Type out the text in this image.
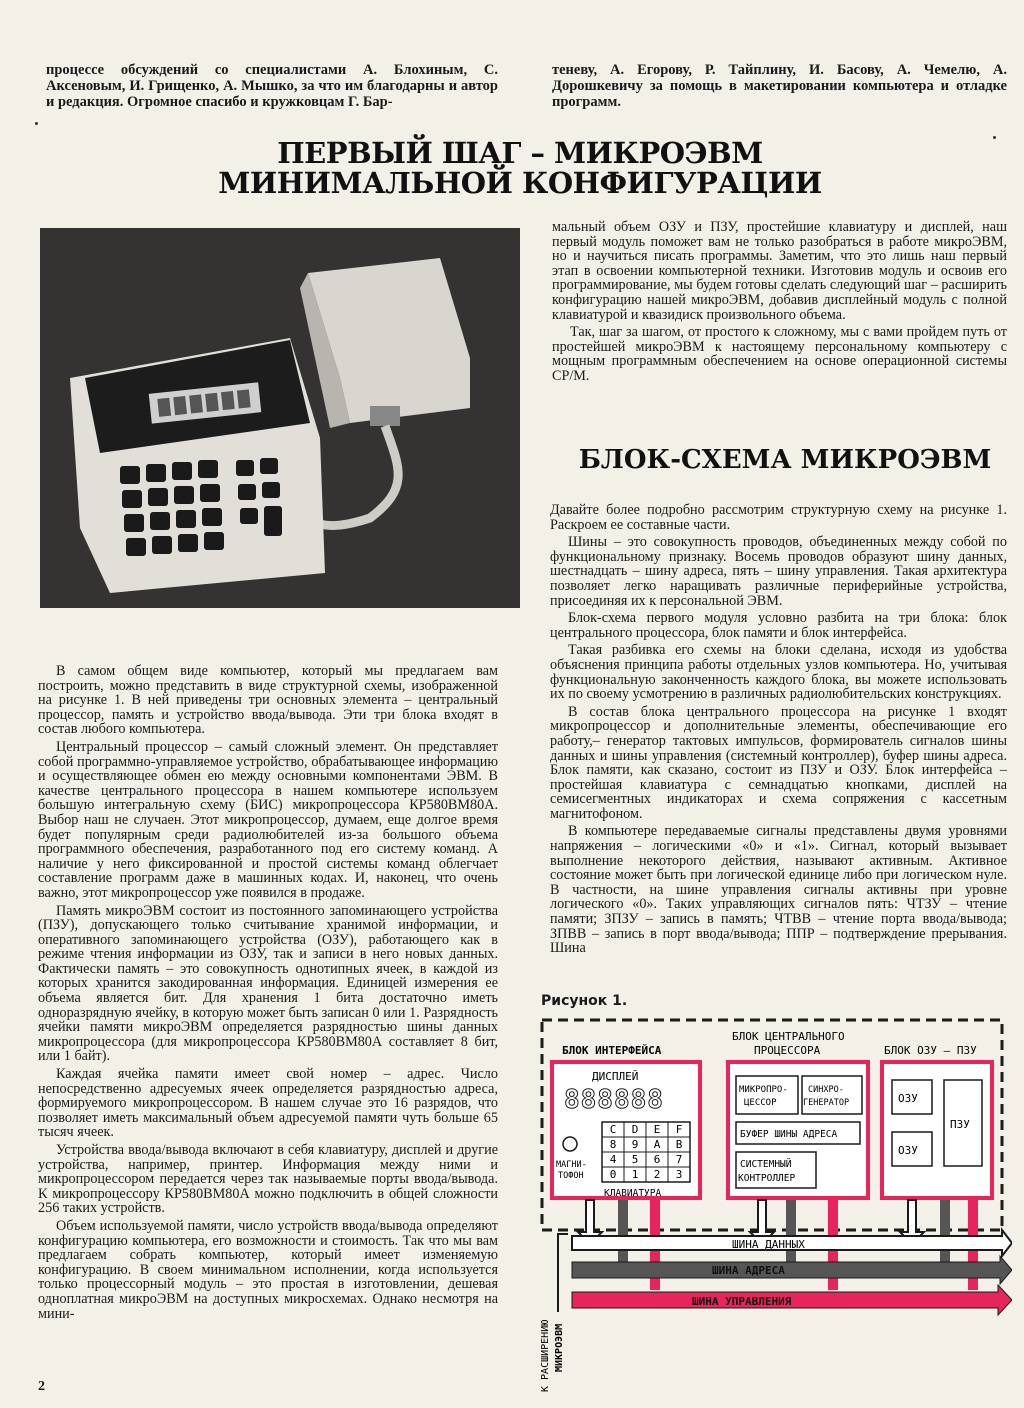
процессе обсуждений со специалистами А. Блохиным, С. Аксеновым, И. Грищенко, А. Мышко, за что им благодарны и автор и редакция. Огромное спасибо и кружковцам Г. Бар-
теневу, А. Егорову, Р. Тайплину, И. Басову, А. Чемелю, А. Дорошкевичу за помощь в макетировании компьютера и отладке программ.
ПЕРВЫЙ ШАГ – МИКРОЭВМ
МИНИМАЛЬНОЙ КОНФИГУРАЦИИ

В самом общем виде компьютер, который мы предлагаем вам построить, можно представить в виде структурной схемы, изображенной на рисунке 1. В ней приведены три основных элемента – центральный процессор, память и устройство ввода/вывода. Эти три блока входят в состав любого компьютера.

Центральный процессор – самый сложный элемент. Он представляет собой программно-управляемое устройство, обрабатывающее информацию и осуществляющее обмен ею между основными компонентами ЭВМ. В качестве центрального процессора в нашем компьютере используем большую интегральную схему (БИС) микропроцессора КР580ВМ80А. Выбор наш не случаен. Этот микропроцессор, думаем, еще долгое время будет популярным среди радиолюбителей из-за большого объема программного обеспечения, разработанного под его систему команд. А наличие у него фиксированной и простой системы команд облегчает составление программ даже в машинных кодах. И, наконец, что очень важно, этот микропроцессор уже появился в продаже.

Память микроЭВМ состоит из постоянного запоминающего устройства (ПЗУ), допускающего только считывание хранимой информации, и оперативного запоминающего устройства (ОЗУ), работающего как в режиме чтения информации из ОЗУ, так и записи в него новых данных. Фактически память – это совокупность однотипных ячеек, в каждой из которых хранится закодированная информация. Единицей измерения ее объема является бит. Для хранения 1 бита достаточно иметь одноразрядную ячейку, в которую может быть записан 0 или 1. Разрядность ячейки памяти микроЭВМ определяется разрядностью шины данных микропроцессора (для микропроцессора КР580ВМ80А составляет 8 бит, или 1 байт).

Каждая ячейка памяти имеет свой номер – адрес. Число непосредственно адресуемых ячеек определяется разрядностью адреса, формируемого микропроцессором. В нашем случае это 16 разрядов, что позволяет иметь максимальный объем адресуемой памяти чуть больше 65 тысяч ячеек.

Устройства ввода/вывода включают в себя клавиатуру, дисплей и другие устройства, например, принтер. Информация между ними и микропроцессором передается через так называемые порты ввода/вывода. К микропроцессору КР580ВМ80А можно подключить в общей сложности 256 таких устройств.

Объем используемой памяти, число устройств ввода/вывода определяют конфигурацию компьютера, его возможности и стоимость. Так что мы вам предлагаем собрать компьютер, который имеет изменяемую конфигурацию. В своем минимальном исполнении, когда используется только процессорный модуль – это простая в изготовлении, дешевая одноплатная микроЭВМ на доступных микросхемах. Однако несмотря на мини-

мальный объем ОЗУ и ПЗУ, простейшие клавиатуру и дисплей, наш первый модуль поможет вам не только разобраться в работе микроЭВМ, но и научиться писать программы. Заметим, что это лишь наш первый этап в освоении компьютерной техники. Изготовив модуль и освоив его программирование, мы будем готовы сделать следующий шаг – расширить конфигурацию нашей микроЭВМ, добавив дисплейный модуль с полной клавиатурой и квазидиск произвольного объема.

Так, шаг за шагом, от простого к сложному, мы с вами пройдем путь от простейшей микроЭВМ к настоящему персональному компьютеру с мощным программным обеспечением на основе операционной системы CP/M.

БЛОК-СХЕМА МИКРОЭВМ

Давайте более подробно рассмотрим структурную схему на рисунке 1. Раскроем ее составные части.

Шины – это совокупность проводов, объединенных между собой по функциональному признаку. Восемь проводов образуют шину данных, шестнадцать – шину адреса, пять – шину управления. Такая архитектура позволяет легко наращивать различные периферийные устройства, присоединяя их к персональной ЭВМ.

Блок-схема первого модуля условно разбита на три блока: блок центрального процессора, блок памяти и блок интерфейса.

Такая разбивка его схемы на блоки сделана, исходя из удобства объяснения принципа работы отдельных узлов компьютера. Но, учитывая функциональную законченность каждого блока, вы можете использовать их по своему усмотрению в различных радиолюбительских конструкциях.

В состав блока центрального процессора на рисунке 1 входят микропроцессор и дополнительные элементы, обеспечивающие его работу,– генератор тактовых импульсов, формирователь сигналов шины данных и шины управления (системный контроллер), буфер шины адреса. Блок памяти, как сказано, состоит из ПЗУ и ОЗУ. Блок интерфейса – простейшая клавиатура с семнадцатью кнопками, дисплей на семисегментных индикаторах и схема сопряжения с кассетным магнитофоном.

В компьютере передаваемые сигналы представлены двумя уровнями напряжения – логическими «0» и «1». Сигнал, который вызывает выполнение некоторого действия, называют активным. Активное состояние может быть при логической единице либо при логическом нуле. В частности, на шине управления сигналы активны при уровне логического «0». Таких управляющих сигналов пять: ЧТЗУ – чтение памяти; ЗПЗУ – запись в память; ЧТВВ – чтение порта ввода/вывода; ЗПВВ – запись в порт ввода/вывода; ППР – подтверждение прерывания. Шина

Рисунок 1.
БЛОК ИНТЕРФЕЙСА
ДИСПЛЕЙ
888888
МАГНИ-
ТОФОН
C D E F
8 9 A B
4 5 6 7
0 1 2 3
КЛАВИАТУРА
БЛОК ЦЕНТРАЛЬНОГО
ПРОЦЕССОРА
МИКРОПРО-
ЦЕССОР
СИНХРО-
ГЕНЕРАТОР
БУФЕР ШИНЫ АДРЕСА
СИСТЕМНЫЙ
КОНТРОЛЛЕР
БЛОК ОЗУ – ПЗУ
ОЗУ
ОЗУ
ПЗУ
ШИНА ДАННЫХ
ШИНА АДРЕСА
ШИНА УПРАВЛЕНИЯ
К РАСШИРЕНИЮ МИКРОЭВМ
2
